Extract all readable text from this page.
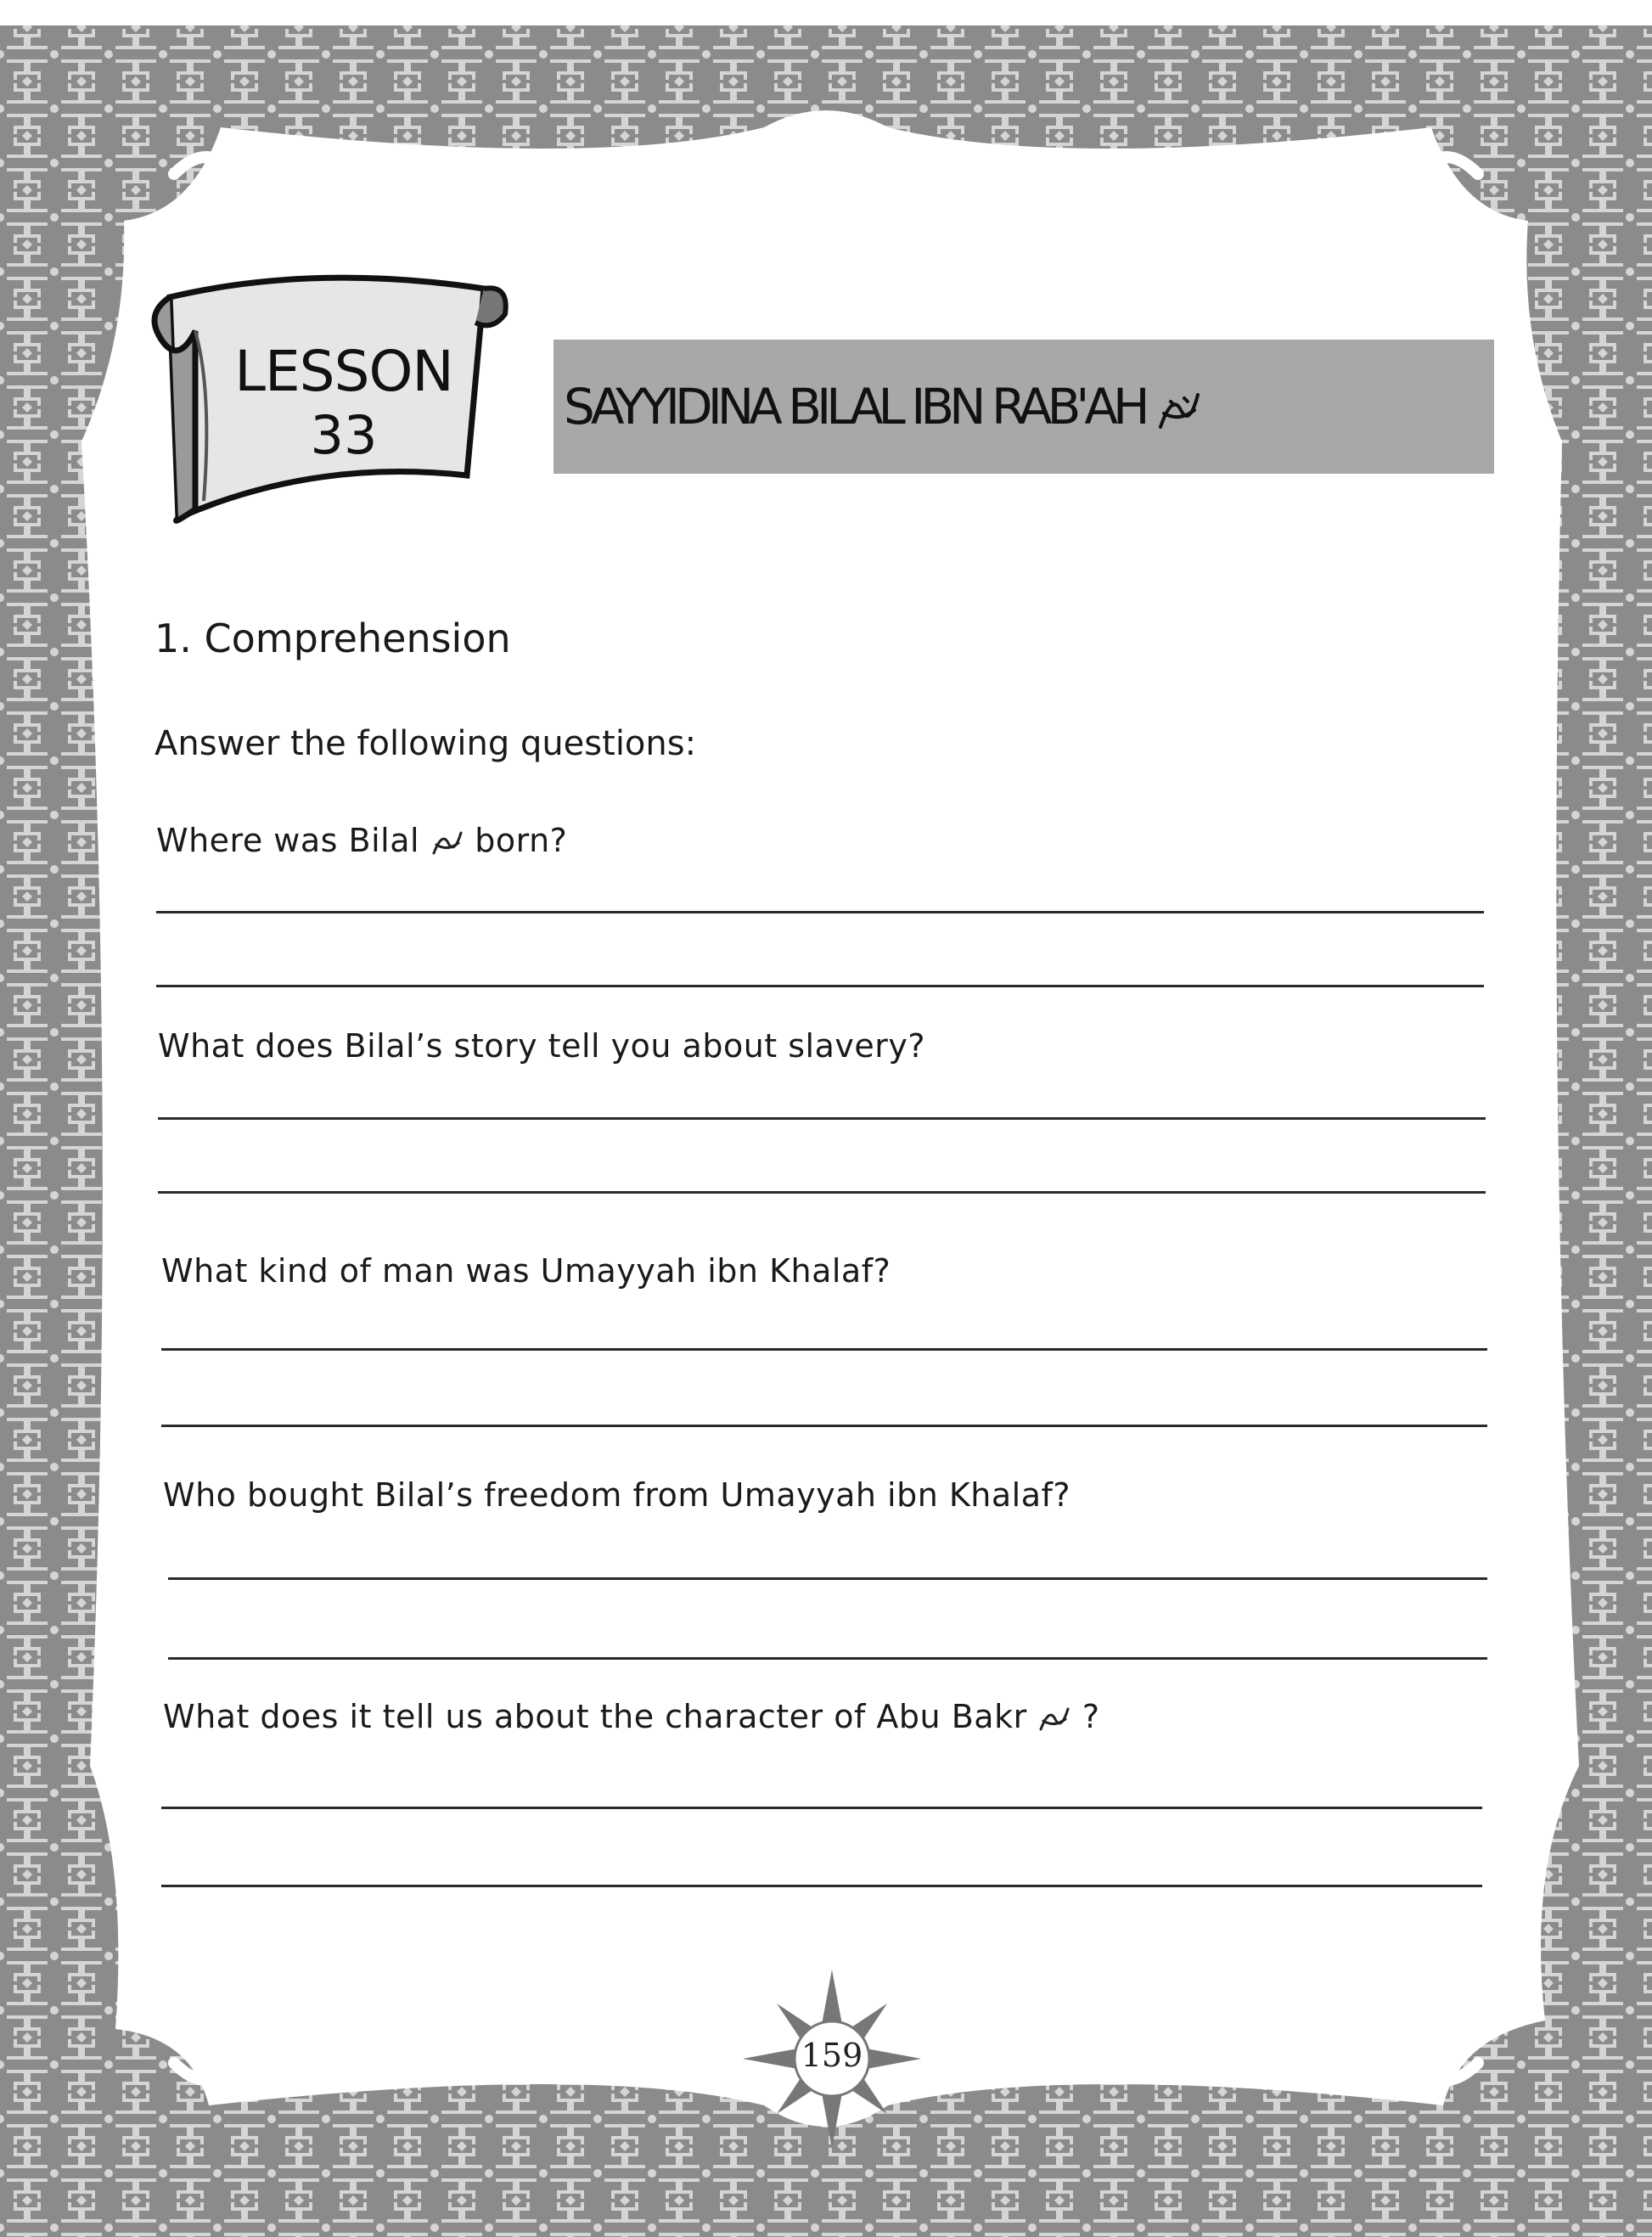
LESSON
33	SAYYIDINA BILAL IBN RAB'AH
1. Comprehension
Answer the following questions:
Where was Bilal  born?
What does Bilal’s story tell you about slavery?
What kind of man was Umayyah ibn Khalaf?
Who bought Bilal’s freedom from Umayyah ibn Khalaf?
What does it tell us about the character of Abu Bakr  ?
159
